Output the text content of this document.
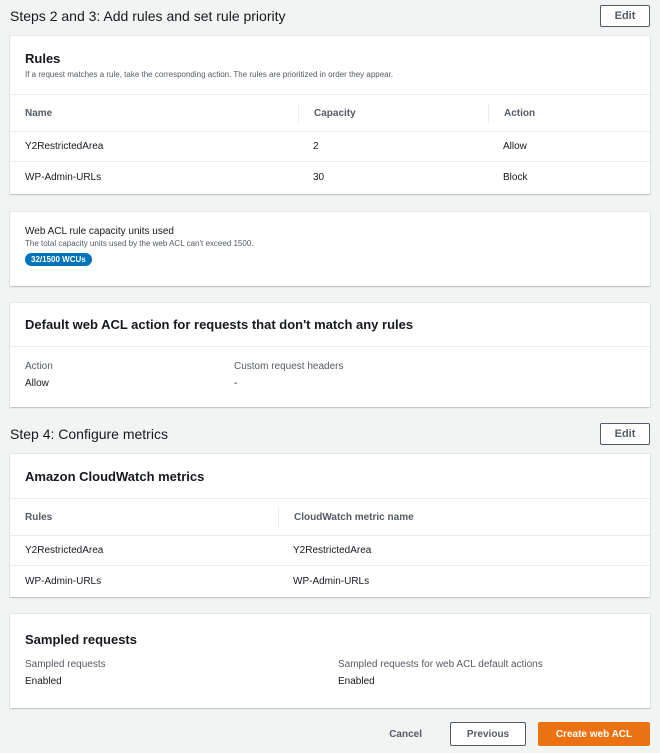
Steps 2 and 3: Add rules and set rule priority	Edit
Rules
If a request matches a rule, take the corresponding action. The rules are prioritized in order they appear.
Name	Capacity	Action
Y2RestrictedArea	2	Allow
WP-Admin-URLs	30	Block
Web ACL rule capacity units used
The total capacity units used by the web ACL can't exceed 1500.
32/1500 WCUs
Default web ACL action for requests that don't match any rules
Action
Allow
Custom request headers
-
Step 4: Configure metrics	Edit
Amazon CloudWatch metrics
Rules	CloudWatch metric name
Y2RestrictedArea	Y2RestrictedArea
WP-Admin-URLs	WP-Admin-URLs
Sampled requests
Sampled requests
Enabled
Sampled requests for web ACL default actions
Enabled
Cancel	Previous	Create web ACL
